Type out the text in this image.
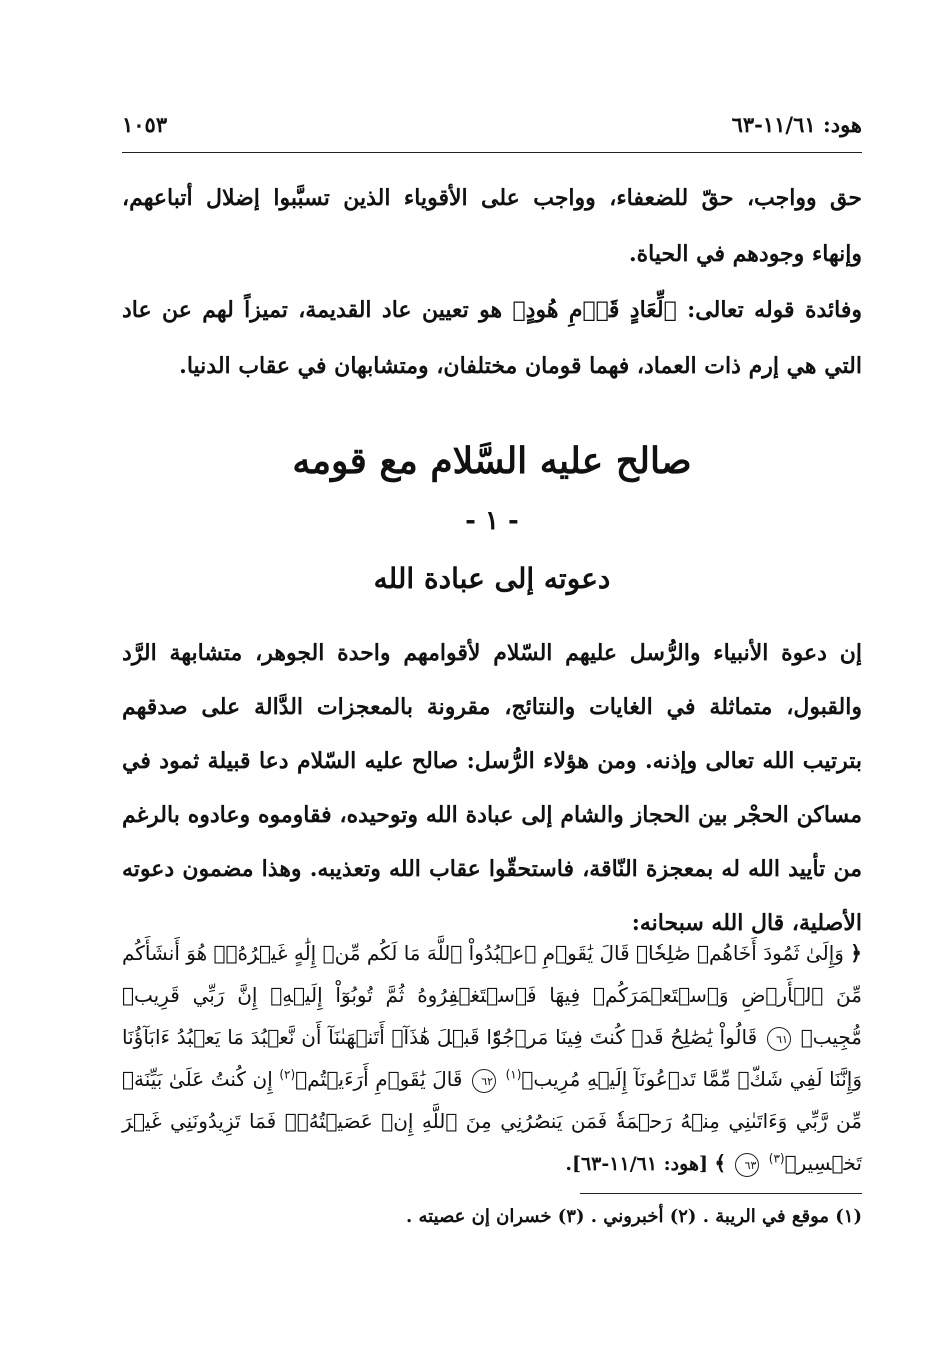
هود: ١١/٦١-٦٣
١٠٥٣

حق وواجب، حقّ للضعفاء، وواجب على الأقوياء الذين تسبَّبوا إضلال أتباعهم، وإنهاء وجودهم في الحياة.

وفائدة قوله تعالى: ﴿لِّعَادٍ قَوۡمِ هُودٍ﴾ هو تعيين عاد القديمة، تميزاً لهم عن عاد التي هي إرم ذات العماد، فهما قومان مختلفان، ومتشابهان في عقاب الدنيا.

صالح عليه السَّلام مع قومه
- ١ -
دعوته إلى عبادة الله

إن دعوة الأنبياء والرُّسل عليهم السّلام لأقوامهم واحدة الجوهر، متشابهة الرَّد والقبول، متماثلة في الغايات والنتائج، مقرونة بالمعجزات الدَّالة على صدقهم بترتيب الله تعالى وإذنه. ومن هؤلاء الرُّسل: صالح عليه السّلام دعا قبيلة ثمود في مساكن الحجْر بين الحجاز والشام إلى عبادة الله وتوحيده، فقاوموه وعادوه بالرغم من تأييد الله له بمعجزة النّاقة، فاستحقّوا عقاب الله وتعذيبه. وهذا مضمون دعوته الأصلية، قال الله سبحانه:

﴿ وَإِلَىٰ ثَمُودَ أَخَاهُمۡ صَٰلِحٗاۚ قَالَ يَٰقَوۡمِ ٱعۡبُدُواْ ٱللَّهَ مَا لَكُم مِّنۡ إِلَٰهٍ غَيۡرُهُۥۖ هُوَ أَنشَأَكُم مِّنَ ٱلۡأَرۡضِ وَٱسۡتَعۡمَرَكُمۡ فِيهَا فَٱسۡتَغۡفِرُوهُ ثُمَّ تُوبُوٓاْ إِلَيۡهِۚ إِنَّ رَبِّي قَرِيبٞ مُّجِيبٞ ٦١ قَالُواْ يَٰصَٰلِحُ قَدۡ كُنتَ فِينَا مَرۡجُوّٗا قَبۡلَ هَٰذَآۖ أَتَنۡهَىٰنَآ أَن نَّعۡبُدَ مَا يَعۡبُدُ ءَابَآؤُنَا وَإِنَّنَا لَفِي شَكّٖ مِّمَّا تَدۡعُونَآ إِلَيۡهِ مُرِيبٖ$^{(١)}$ ٦٢ قَالَ يَٰقَوۡمِ أَرَءَيۡتُمۡ$^{(٢)}$ إِن كُنتُ عَلَىٰ بَيِّنَةٖ مِّن رَّبِّي وَءَاتَىٰنِي مِنۡهُ رَحۡمَةٗ فَمَن يَنصُرُنِي مِنَ ٱللَّهِ إِنۡ عَصَيۡتُهُۥۖ فَمَا تَزِيدُونَنِي غَيۡرَ تَخۡسِيرٖ$^{(٣)}$ ٦٣ ﴾ [هود: ١١/٦١-٦٣].
(١) موقع في الريبة . (٢) أخبروني . (٣) خسران إن عصيته .
